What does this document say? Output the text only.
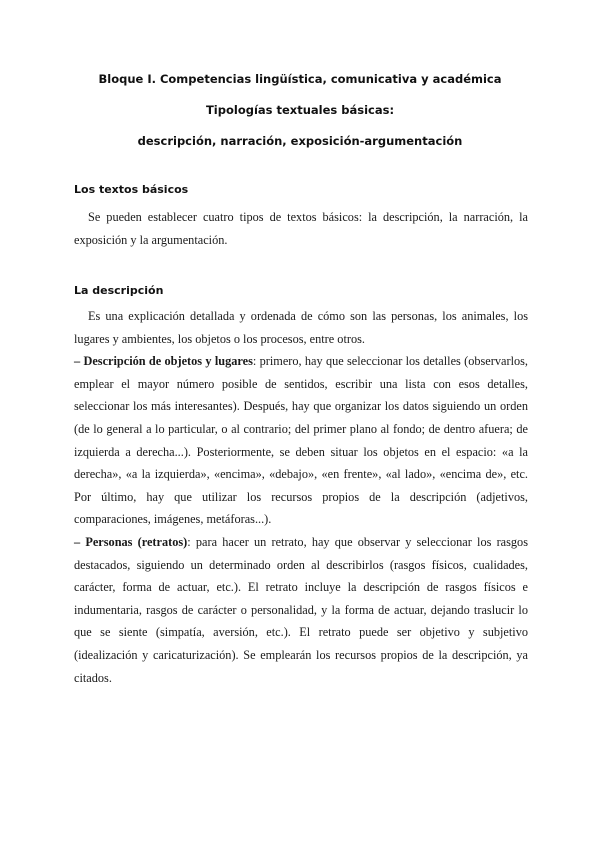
Bloque I. Competencias lingüística, comunicativa y académica
Tipologías textuales básicas:
descripción, narración, exposición-argumentación
Los textos básicos

Se pueden establecer cuatro tipos de textos básicos: la descripción, la narración, la exposición y la argumentación.

La descripción

Es una explicación detallada y ordenada de cómo son las personas, los animales, los lugares y ambientes, los objetos o los procesos, entre otros.

– Descripción de objetos y lugares: primero, hay que seleccionar los detalles (observarlos, emplear el mayor número posible de sentidos, escribir una lista con esos detalles, seleccionar los más interesantes). Después, hay que organizar los datos siguiendo un orden (de lo general a lo particular, o al contrario; del primer plano al fondo; de dentro afuera; de izquierda a derecha...). Posteriormente, se deben situar los objetos en el espacio: «a la derecha», «a la izquierda», «encima», «debajo», «en frente», «al lado», «encima de», etc. Por último, hay que utilizar los recursos propios de la descripción (adjetivos, comparaciones, imágenes, metáforas...).

– Personas (retratos): para hacer un retrato, hay que observar y seleccionar los rasgos destacados, siguiendo un determinado orden al describirlos (rasgos físicos, cualidades, carácter, forma de actuar, etc.). El retrato incluye la descripción de rasgos físicos e indumentaria, rasgos de carácter o personalidad, y la forma de actuar, dejando traslucir lo que se siente (simpatía, aversión, etc.). El retrato puede ser objetivo y subjetivo (idealización y caricaturización). Se emplearán los recursos propios de la descripción, ya citados.
